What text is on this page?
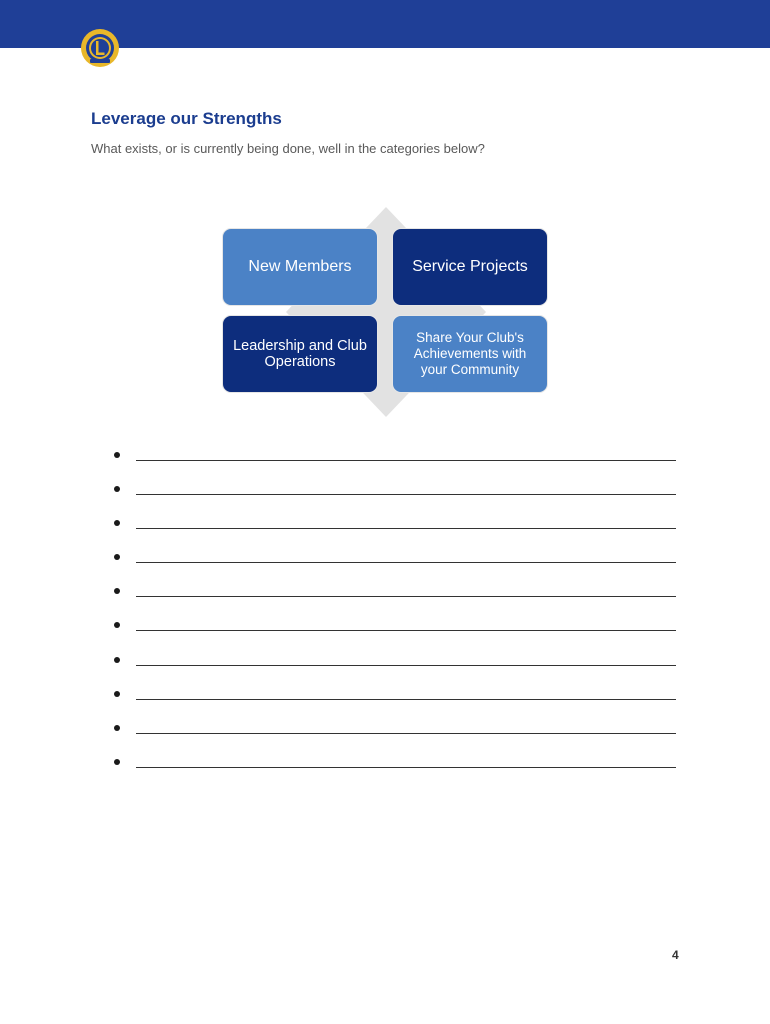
Leverage our Strengths
What exists, or is currently being done, well in the categories below?
New Members	Service Projects
Leadership and Club Operations
Share Your Club's Achievements with your Community
4
